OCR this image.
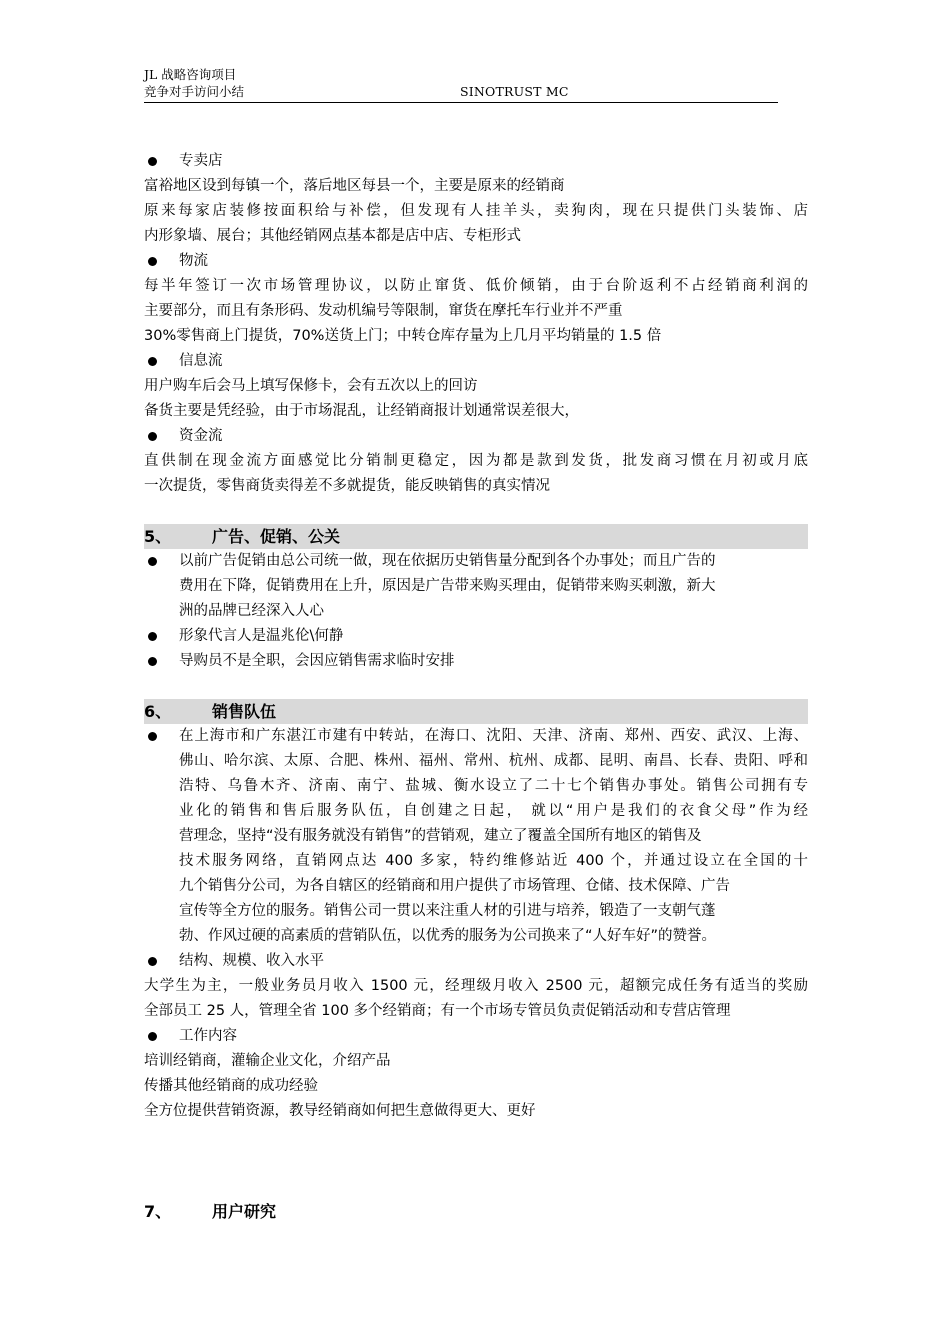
JL 战略咨询项目
竞争对手访问小结	SINOTRUST MC
专卖店
富裕地区设到每镇一个，落后地区每县一个，主要是原来的经销商
原来每家店装修按面积给与补偿，但发现有人挂羊头，卖狗肉，现在只提供门头装饰、店
内形象墙、展台；其他经销网点基本都是店中店、专柜形式
物流
每半年签订一次市场管理协议，以防止窜货、低价倾销，由于台阶返利不占经销商利润的
主要部分，而且有条形码、发动机编号等限制，窜货在摩托车行业并不严重
30%零售商上门提货，70%送货上门；中转仓库存量为上几月平均销量的 1.5 倍
信息流
用户购车后会马上填写保修卡，会有五次以上的回访
备货主要是凭经验，由于市场混乱，让经销商报计划通常误差很大，
资金流
直供制在现金流方面感觉比分销制更稳定，因为都是款到发货，批发商习惯在月初或月底
一次提货，零售商货卖得差不多就提货，能反映销售的真实情况
5、	广告、促销、公关
以前广告促销由总公司统一做，现在依据历史销售量分配到各个办事处；而且广告的
费用在下降，促销费用在上升，原因是广告带来购买理由，促销带来购买刺激，新大
洲的品牌已经深入人心
形象代言人是温兆伦\何静
导购员不是全职，会因应销售需求临时安排
6、	销售队伍
在上海市和广东湛江市建有中转站，在海口、沈阳、天津、济南、郑州、西安、武汉、上海、
佛山、哈尔滨、太原、合肥、株州、福州、常州、杭州、成都、昆明、南昌、长春、贵阳、呼和
浩特、乌鲁木齐、济南、南宁、盐城、衡水设立了二十七个销售办事处。销售公司拥有专
业化的销售和售后服务队伍，自创建之日起， 就以“用户是我们的衣食父母”作为经
营理念，坚持“没有服务就没有销售”的营销观，建立了覆盖全国所有地区的销售及
技术服务网络，直销网点达 400 多家，特约维修站近 400 个，并通过设立在全国的十
九个销售分公司，为各自辖区的经销商和用户提供了市场管理、仓储、技术保障、广告
宣传等全方位的服务。销售公司一贯以来注重人材的引进与培养，锻造了一支朝气蓬
勃、作风过硬的高素质的营销队伍，以优秀的服务为公司换来了“人好车好”的赞誉。
结构、规模、收入水平
大学生为主，一般业务员月收入 1500 元，经理级月收入 2500 元，超额完成任务有适当的奖励
全部员工 25 人，管理全省 100 多个经销商；有一个市场专管员负责促销活动和专营店管理
工作内容
培训经销商，灌输企业文化，介绍产品
传播其他经销商的成功经验
全方位提供营销资源，教导经销商如何把生意做得更大、更好
7、	用户研究
